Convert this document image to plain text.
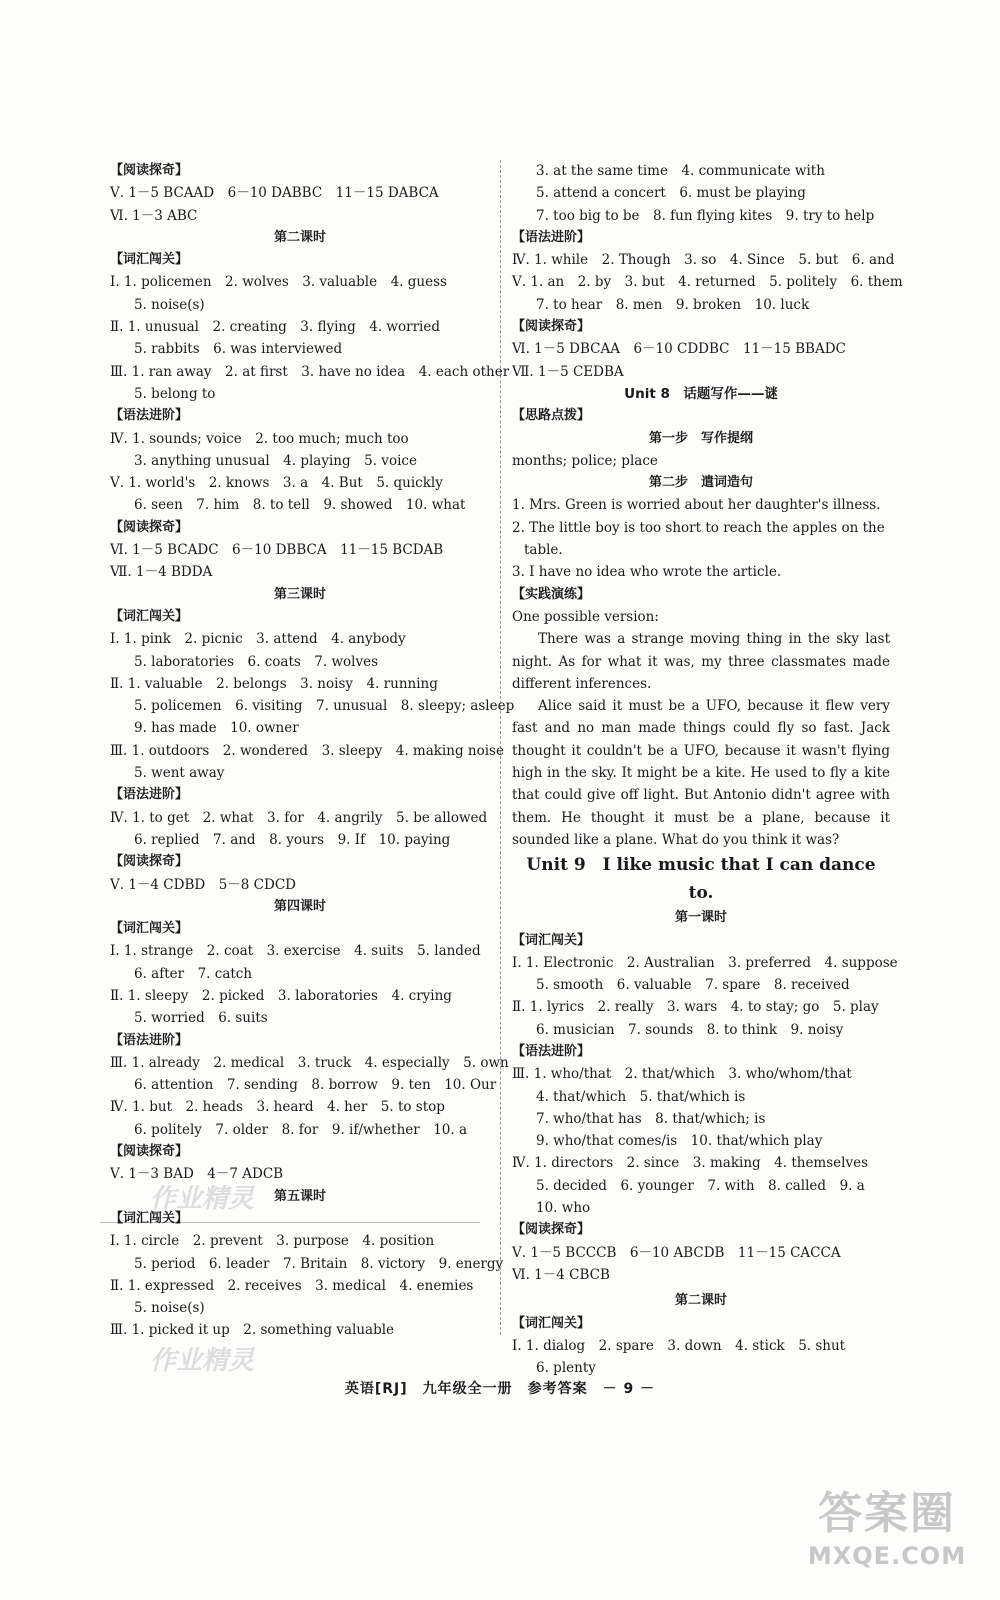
作业精灵
作业精灵
【阅读探奇】
Ⅴ. 1－5 BCAAD　6－10 DABBC　11－15 DABCA
Ⅵ. 1－3 ABC
第二课时
【词汇闯关】
Ⅰ. 1. policemen　2. wolves　3. valuable　4. guess
5. noise(s)
Ⅱ. 1. unusual　2. creating　3. flying　4. worried
5. rabbits　6. was interviewed
Ⅲ. 1. ran away　2. at first　3. have no idea　4. each other
5. belong to
【语法进阶】
Ⅳ. 1. sounds; voice　2. too much; much too
3. anything unusual　4. playing　5. voice
Ⅴ. 1. world's　2. knows　3. a　4. But　5. quickly
6. seen　7. him　8. to tell　9. showed　10. what
【阅读探奇】
Ⅵ. 1－5 BCADC　6－10 DBBCA　11－15 BCDAB
Ⅶ. 1－4 BDDA
第三课时
【词汇闯关】
Ⅰ. 1. pink　2. picnic　3. attend　4. anybody
5. laboratories　6. coats　7. wolves
Ⅱ. 1. valuable　2. belongs　3. noisy　4. running
5. policemen　6. visiting　7. unusual　8. sleepy; asleep
9. has made　10. owner
Ⅲ. 1. outdoors　2. wondered　3. sleepy　4. making noise
5. went away
【语法进阶】
Ⅳ. 1. to get　2. what　3. for　4. angrily　5. be allowed
6. replied　7. and　8. yours　9. If　10. paying
【阅读探奇】
Ⅴ. 1－4 CDBD　5－8 CDCD
第四课时
【词汇闯关】
Ⅰ. 1. strange　2. coat　3. exercise　4. suits　5. landed
6. after　7. catch
Ⅱ. 1. sleepy　2. picked　3. laboratories　4. crying
5. worried　6. suits
【语法进阶】
Ⅲ. 1. already　2. medical　3. truck　4. especially　5. own
6. attention　7. sending　8. borrow　9. ten　10. Our
Ⅳ. 1. but　2. heads　3. heard　4. her　5. to stop
6. politely　7. older　8. for　9. if/whether　10. a
【阅读探奇】
Ⅴ. 1－3 BAD　4－7 ADCB
第五课时
【词汇闯关】
Ⅰ. 1. circle　2. prevent　3. purpose　4. position
5. period　6. leader　7. Britain　8. victory　9. energy
Ⅱ. 1. expressed　2. receives　3. medical　4. enemies
5. noise(s)
Ⅲ. 1. picked it up　2. something valuable
3. at the same time　4. communicate with
5. attend a concert　6. must be playing
7. too big to be　8. fun flying kites　9. try to help
【语法进阶】
Ⅳ. 1. while　2. Though　3. so　4. Since　5. but　6. and
Ⅴ. 1. an　2. by　3. but　4. returned　5. politely　6. them
7. to hear　8. men　9. broken　10. luck
【阅读探奇】
Ⅵ. 1－5 DBCAA　6－10 CDDBC　11－15 BBADC
Ⅶ. 1－5 CEDBA
Unit 8　话题写作——谜
【思路点拨】
第一步　写作提纲
months; police; place
第二步　遣词造句

1. Mrs. Green is worried about her daughter's illness.

2. The little boy is too short to reach the apples on the table.

3. I have no idea who wrote the article.

【实践演练】
One possible version:

There was a strange moving thing in the sky last night. As for what it was, my three classmates made different inferences.

Alice said it must be a UFO, because it flew very fast and no man made things could fly so fast. Jack thought it couldn't be a UFO, because it wasn't flying high in the sky. It might be a kite. He used to fly a kite that could give off light. But Antonio didn't agree with them. He thought it must be a plane, because it sounded like a plane. What do you think it was?

Unit 9　I like music that I can dance to.
第一课时
【词汇闯关】
Ⅰ. 1. Electronic　2. Australian　3. preferred　4. suppose
5. smooth　6. valuable　7. spare　8. received
Ⅱ. 1. lyrics　2. really　3. wars　4. to stay; go　5. play
6. musician　7. sounds　8. to think　9. noisy
【语法进阶】
Ⅲ. 1. who/that　2. that/which　3. who/whom/that
4. that/which　5. that/which is
7. who/that has　8. that/which; is
9. who/that comes/is　10. that/which play
Ⅳ. 1. directors　2. since　3. making　4. themselves
5. decided　6. younger　7. with　8. called　9. a
10. who
【阅读探奇】
Ⅴ. 1－5 BCCCB　6－10 ABCDB　11－15 CACCA
Ⅵ. 1－4 CBCB
第二课时
【词汇闯关】
Ⅰ. 1. dialog　2. spare　3. down　4. stick　5. shut
6. plenty
英语[RJ]　九年级全一册　参考答案　－ 9 －
答案圈
MXQE.COM
